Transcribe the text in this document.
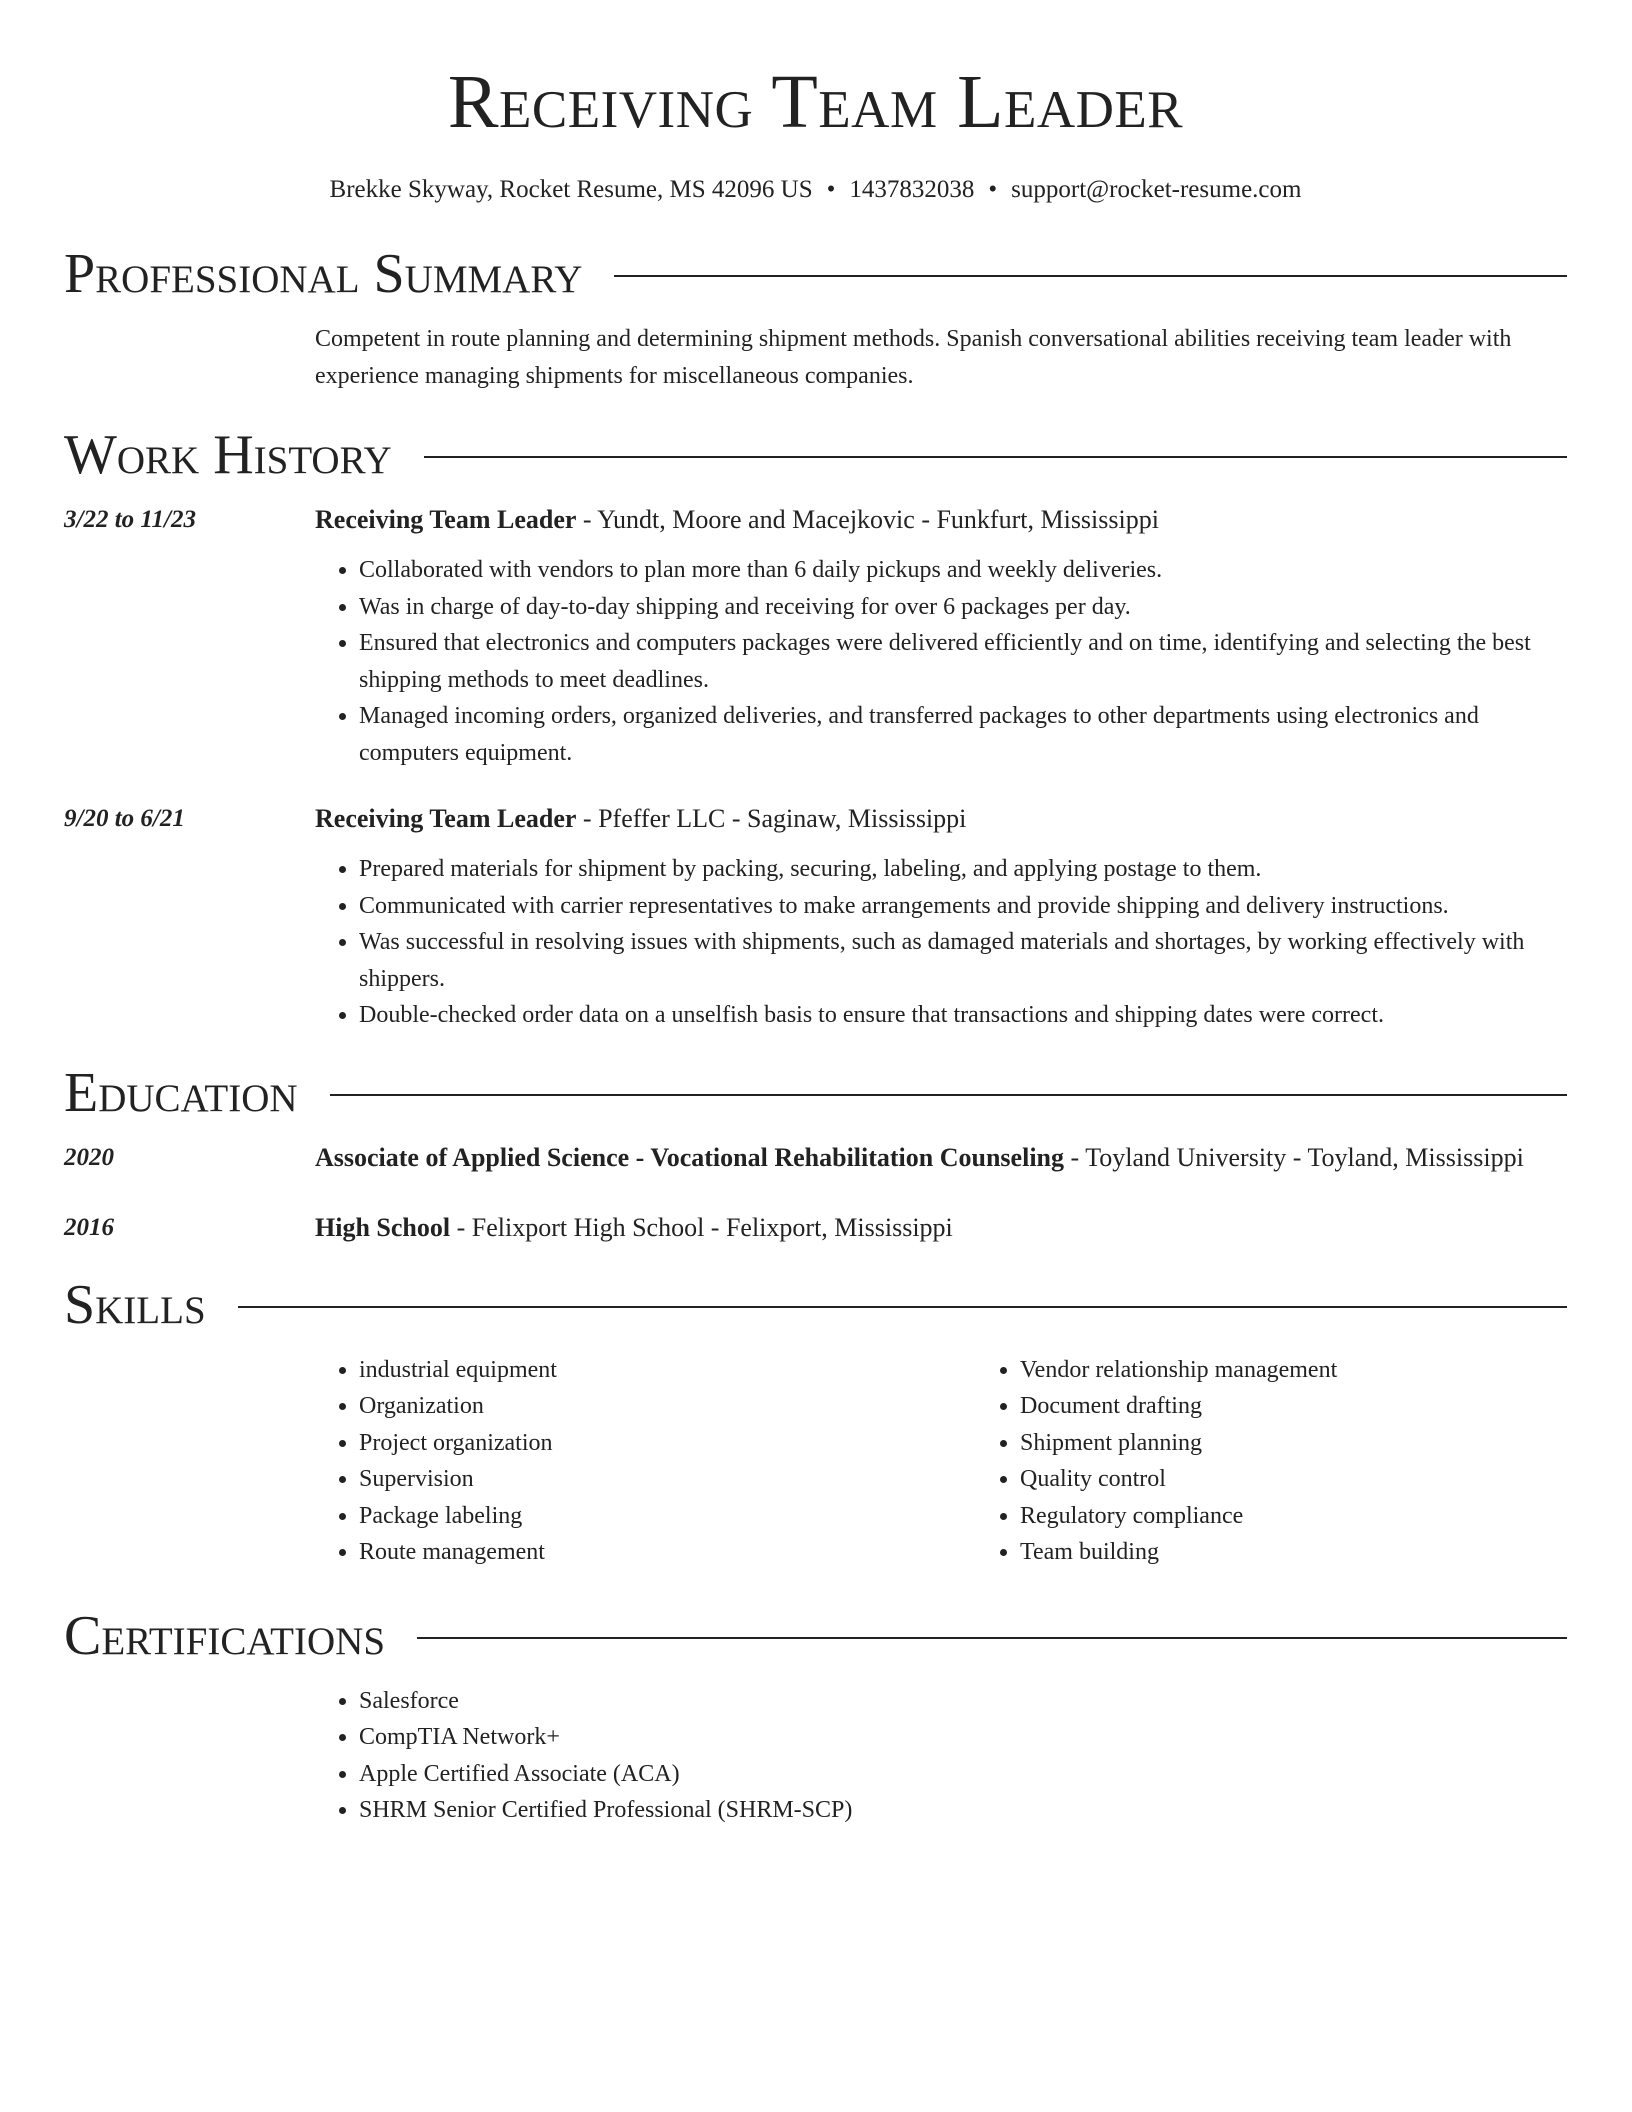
Receiving Team Leader
Brekke Skyway, Rocket Resume, MS 42096 US • 1437832038 • support@rocket-resume.com
Professional Summary
Competent in route planning and determining shipment methods. Spanish conversational abilities receiving team leader with experience managing shipments for miscellaneous companies.
Work History
3/22 to 11/23	Receiving Team Leader - Yundt, Moore and Macejkovic - Funkfurt, Mississippi
• Collaborated with vendors to plan more than 6 daily pickups and weekly deliveries.
• Was in charge of day-to-day shipping and receiving for over 6 packages per day.
• Ensured that electronics and computers packages were delivered efficiently and on time, identifying and selecting the best shipping methods to meet deadlines.
• Managed incoming orders, organized deliveries, and transferred packages to other departments using electronics and computers equipment.
9/20 to 6/21	Receiving Team Leader - Pfeffer LLC - Saginaw, Mississippi
• Prepared materials for shipment by packing, securing, labeling, and applying postage to them.
• Communicated with carrier representatives to make arrangements and provide shipping and delivery instructions.
• Was successful in resolving issues with shipments, such as damaged materials and shortages, by working effectively with shippers.
• Double-checked order data on a unselfish basis to ensure that transactions and shipping dates were correct.
Education
2020	Associate of Applied Science - Vocational Rehabilitation Counseling - Toyland University - Toyland, Mississippi
2016	High School - Felixport High School - Felixport, Mississippi
Skills
• industrial equipment
• Organization
• Project organization
• Supervision
• Package labeling
• Route management
• Vendor relationship management
• Document drafting
• Shipment planning
• Quality control
• Regulatory compliance
• Team building
Certifications
• Salesforce
• CompTIA Network+
• Apple Certified Associate (ACA)
• SHRM Senior Certified Professional (SHRM-SCP)
